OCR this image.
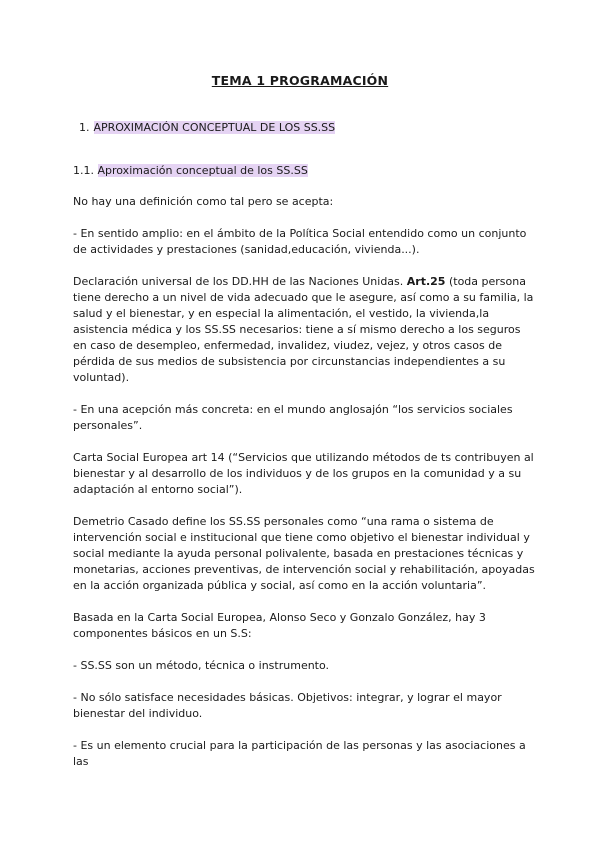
TEMA 1 PROGRAMACIÓN
1. APROXIMACIÓN CONCEPTUAL DE LOS SS.SS
1.1. Aproximación conceptual de los SS.SS

No hay una definición como tal pero se acepta:

- En sentido amplio: en el ámbito de la Política Social entendido como un conjunto de actividades y prestaciones (sanidad,educación, vivienda...).

Declaración universal de los DD.HH de las Naciones Unidas. Art.25 (toda persona tiene derecho a un nivel de vida adecuado que le asegure, así como a su familia, la salud y el bienestar, y en especial la alimentación, el vestido, la vivienda,la asistencia médica y los SS.SS necesarios: tiene a sí mismo derecho a los seguros en caso de desempleo, enfermedad, invalidez, viudez, vejez, y otros casos de pérdida de sus medios de subsistencia por circunstancias independientes a su voluntad).

- En una acepción más concreta: en el mundo anglosajón “los servicios sociales personales”.

Carta Social Europea art 14 (“Servicios que utilizando métodos de ts contribuyen al bienestar y al desarrollo de los individuos y de los grupos en la comunidad y a su adaptación al entorno social”).

Demetrio Casado define los SS.SS personales como “una rama o sistema de intervención social e institucional que tiene como objetivo el bienestar individual y social mediante la ayuda personal polivalente, basada en prestaciones técnicas y monetarias, acciones preventivas, de intervención social y rehabilitación, apoyadas en la acción organizada pública y social, así como en la acción voluntaria”.

Basada en la Carta Social Europea, Alonso Seco y Gonzalo González, hay 3 componentes básicos en un S.S:

- SS.SS son un método, técnica o instrumento.

- No sólo satisface necesidades básicas. Objetivos: integrar, y lograr el mayor bienestar del individuo.

- Es un elemento crucial para la participación de las personas y las asociaciones a las
